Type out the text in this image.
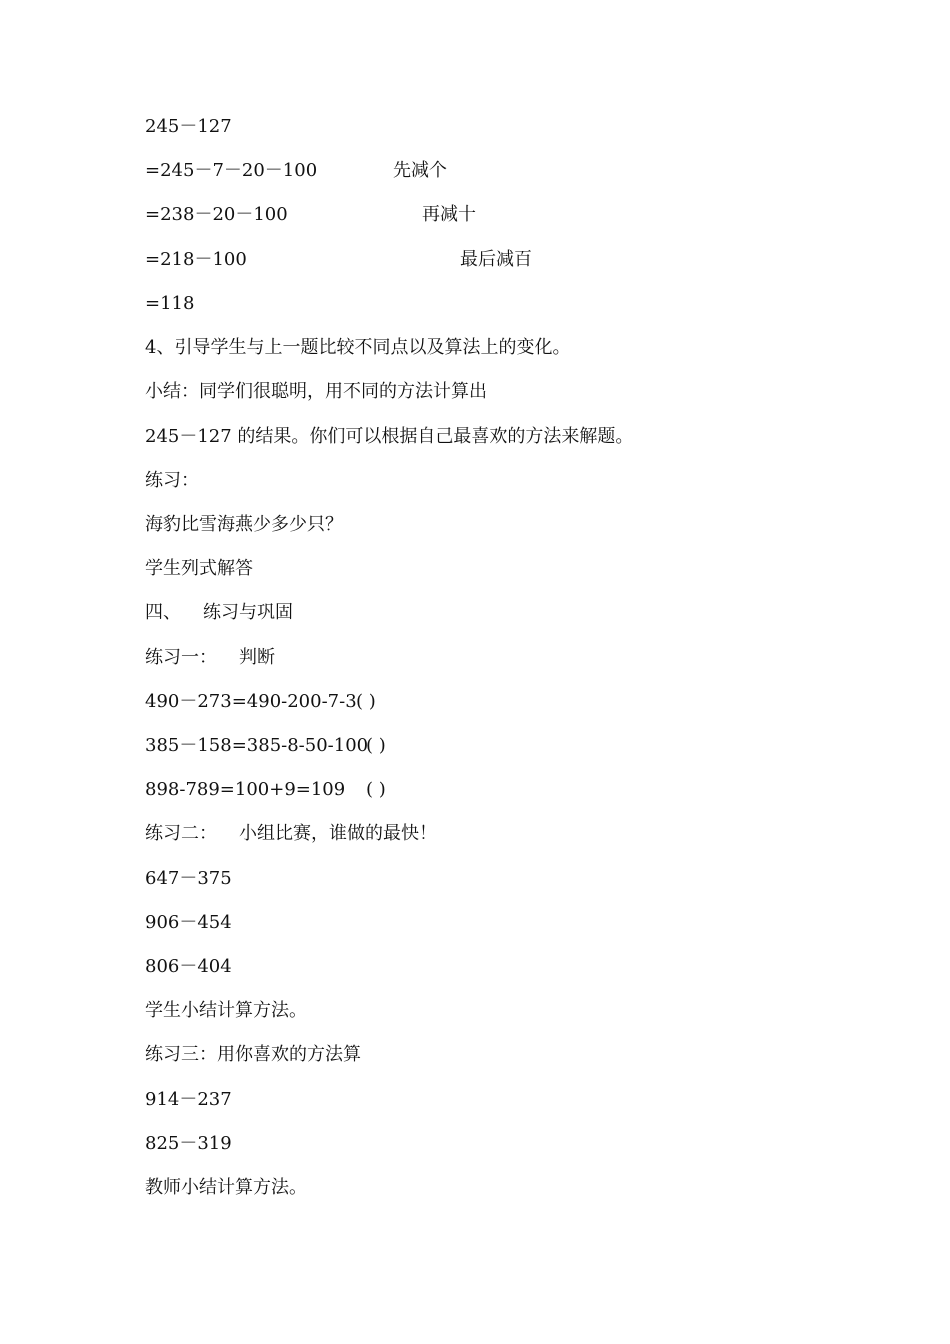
245－127
=245－7－20－100	先减个
=238－20－100	再减十
=218－100	最后减百
=118
4、引导学生与上一题比较不同点以及算法上的变化。
小结：同学们很聪明，用不同的方法计算出
245－127 的结果。你们可以根据自己最喜欢的方法来解题。
练习：
海豹比雪海燕少多少只？
学生列式解答
四、 练习与巩固
练习一： 判断
490－273=490-200-7-3 ( )
385－158=385-8-50-100
( )
898-789=100+9=109 ( )
练习二： 小组比赛，谁做的最快！
647－375
906－454
806－404
学生小结计算方法。
练习三：用你喜欢的方法算
914－237
825－319
教师小结计算方法。
